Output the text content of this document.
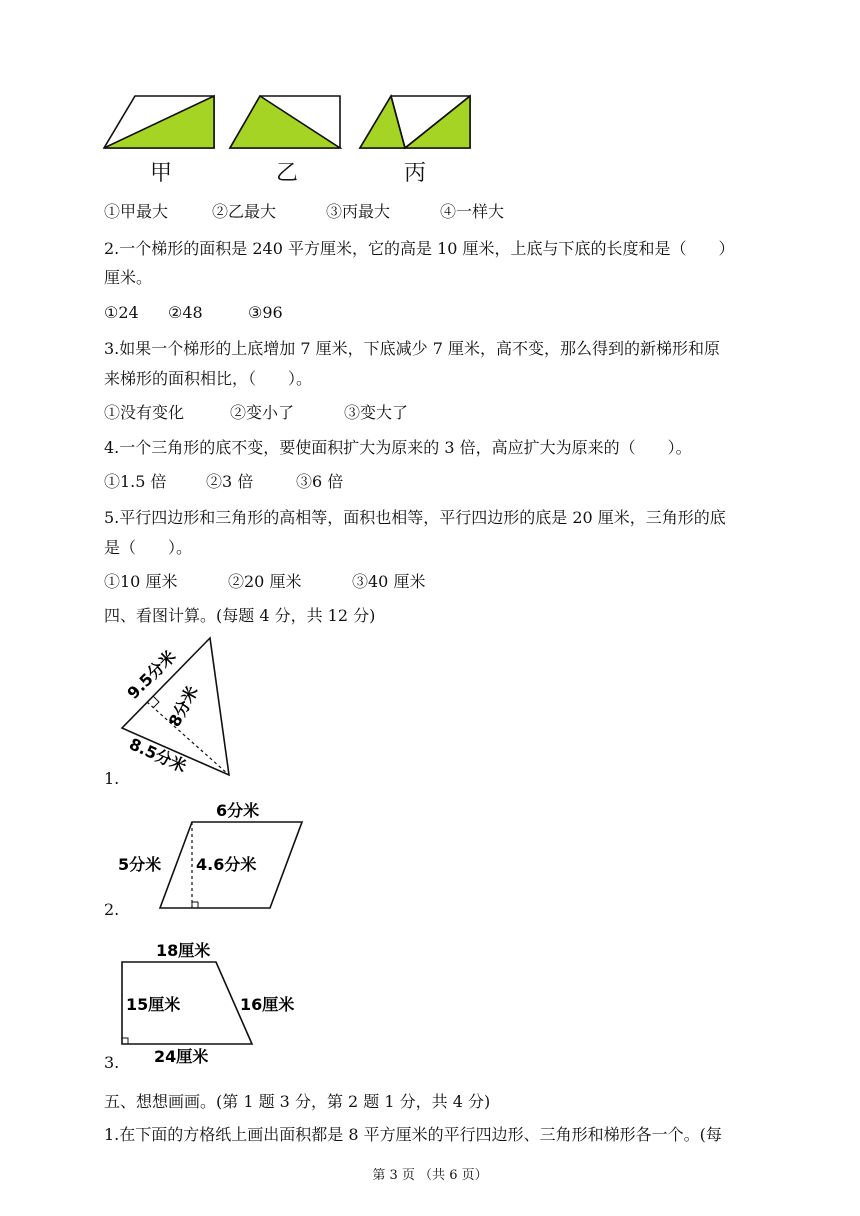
甲	乙	丙
①甲最大	②乙最大	③丙最大	④一样大
2.一个梯形的面积是 240 平方厘米，它的高是 10 厘米，上底与下底的长度和是（　　）
厘米。
①24 ②48	③96
3.如果一个梯形的上底增加 7 厘米，下底减少 7 厘米，高不变，那么得到的新梯形和原
来梯形的面积相比，（　　）。
①没有变化	②变小了	③变大了
4.一个三角形的底不变，要使面积扩大为原来的 3 倍，高应扩大为原来的（　　）。
①1.5 倍 ②3 倍	③6 倍
5.平行四边形和三角形的高相等，面积也相等，平行四边形的底是 20 厘米，三角形的底
是（　　）。
①10 厘米	②20 厘米	③40 厘米
四、看图计算。(每题 4 分，共 12 分)
9.5分米
8分米
8.5分米
1.
6分米
5分米 4.6分米
2.
18厘米
15厘米	16厘米
24厘米
3.
五、想想画画。(第 1 题 3 分，第 2 题 1 分，共 4 分)
1.在下面的方格纸上画出面积都是 8 平方厘米的平行四边形、三角形和梯形各一个。(每
第 3 页 （共 6 页）
